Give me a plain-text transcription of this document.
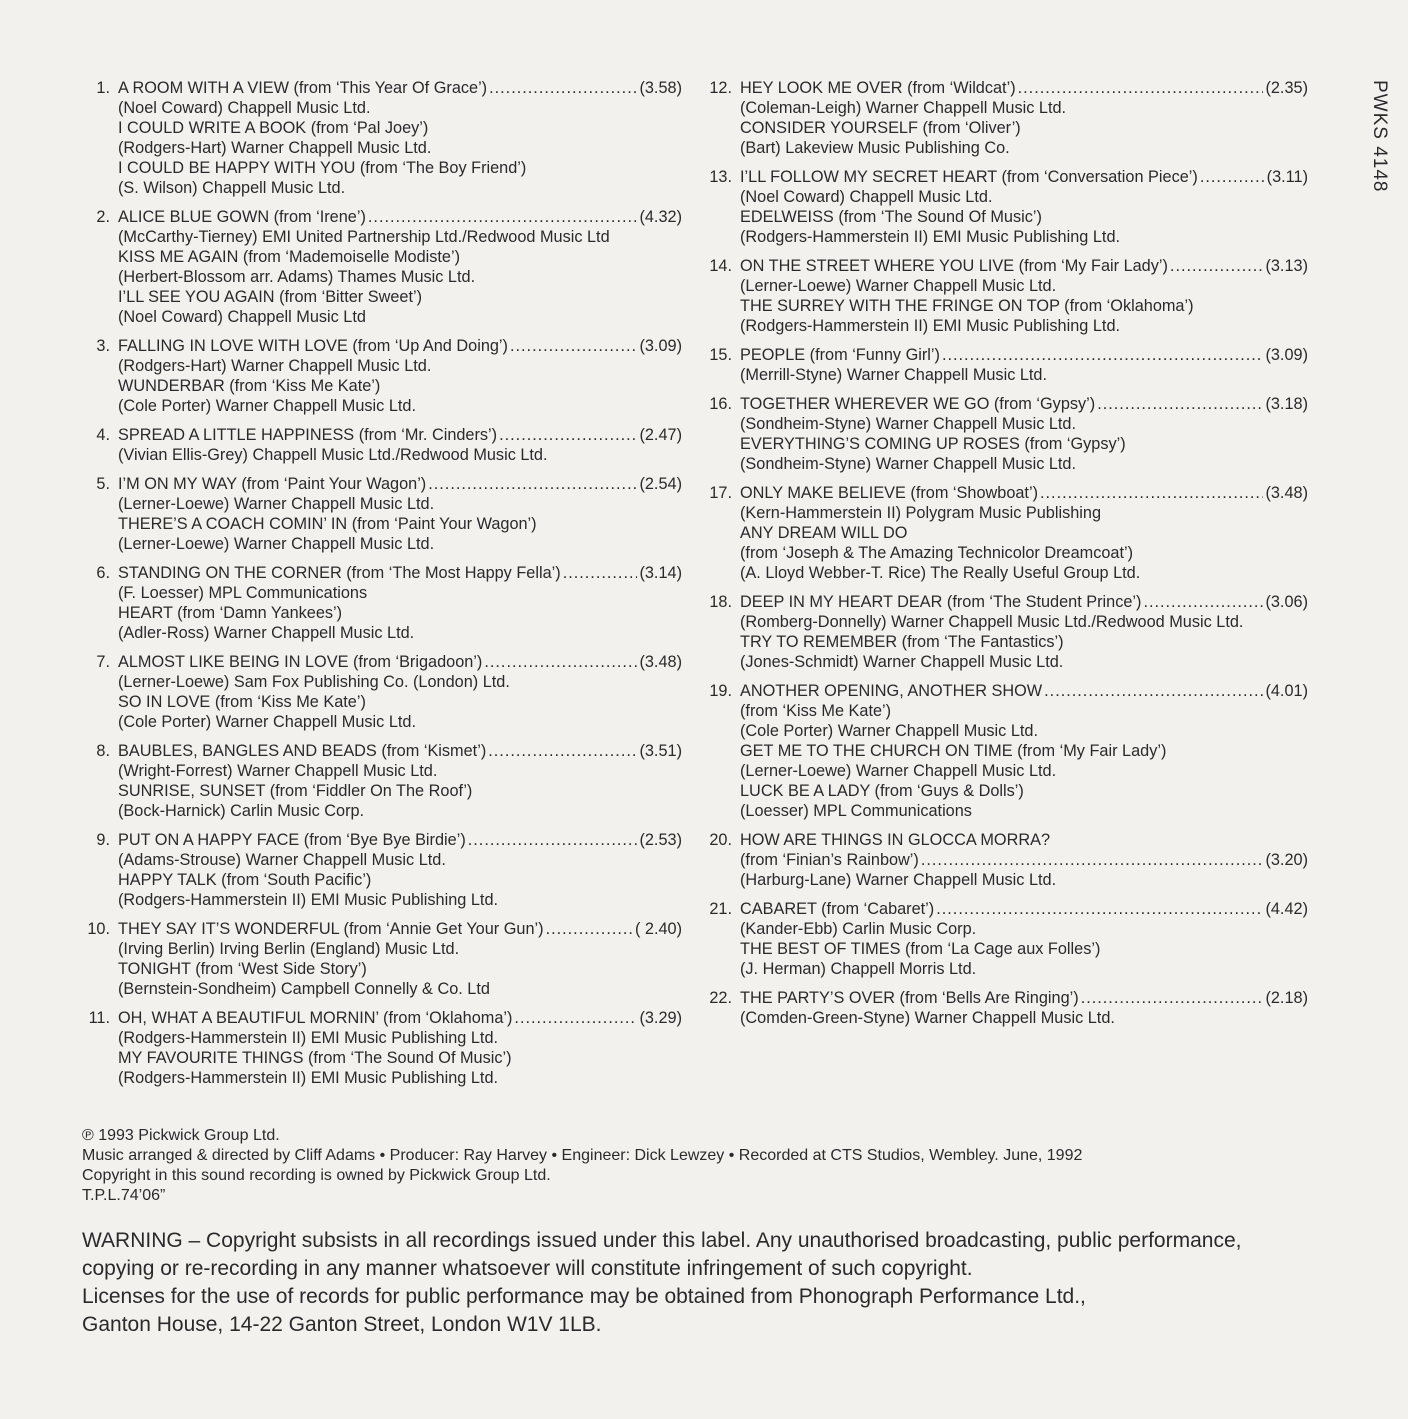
1. A ROOM WITH A VIEW (from ‘This Year Of Grace’) .....	(3.58)
(Noel Coward) Chappell Music Ltd.
I COULD WRITE A BOOK (from ‘Pal Joey’)
(Rodgers-Hart) Warner Chappell Music Ltd.
I COULD BE HAPPY WITH YOU (from ‘The Boy Friend’)
(S. Wilson) Chappell Music Ltd.
2. ALICE BLUE GOWN (from ‘Irene’) .....	(4.32)
(McCarthy-Tierney) EMI United Partnership Ltd./Redwood Music Ltd
KISS ME AGAIN (from ‘Mademoiselle Modiste’)
(Herbert-Blossom arr. Adams) Thames Music Ltd.
I’LL SEE YOU AGAIN (from ‘Bitter Sweet’)
(Noel Coward) Chappell Music Ltd
3. FALLING IN LOVE WITH LOVE (from ‘Up And Doing’) .....	(3.09)
(Rodgers-Hart) Warner Chappell Music Ltd.
WUNDERBAR (from ‘Kiss Me Kate’)
(Cole Porter) Warner Chappell Music Ltd.
4. SPREAD A LITTLE HAPPINESS (from ‘Mr. Cinders’) .....	(2.47)
(Vivian Ellis-Grey) Chappell Music Ltd./Redwood Music Ltd.
5. I’M ON MY WAY (from ‘Paint Your Wagon’) .....	(2.54)
(Lerner-Loewe) Warner Chappell Music Ltd.
THERE’S A COACH COMIN’ IN (from ‘Paint Your Wagon’)
(Lerner-Loewe) Warner Chappell Music Ltd.
6. STANDING ON THE CORNER (from ‘The Most Happy Fella’) .....	(3.14)
(F. Loesser) MPL Communications
HEART (from ‘Damn Yankees’)
(Adler-Ross) Warner Chappell Music Ltd.
7. ALMOST LIKE BEING IN LOVE (from ‘Brigadoon’) .....	(3.48)
(Lerner-Loewe) Sam Fox Publishing Co. (London) Ltd.
SO IN LOVE (from ‘Kiss Me Kate’)
(Cole Porter) Warner Chappell Music Ltd.
8. BAUBLES, BANGLES AND BEADS (from ‘Kismet’) .....	(3.51)
(Wright-Forrest) Warner Chappell Music Ltd.
SUNRISE, SUNSET (from ‘Fiddler On The Roof’)
(Bock-Harnick) Carlin Music Corp.
9. PUT ON A HAPPY FACE (from ‘Bye Bye Birdie’) .....	(2.53)
(Adams-Strouse) Warner Chappell Music Ltd.
HAPPY TALK (from ‘South Pacific’)
(Rodgers-Hammerstein II) EMI Music Publishing Ltd.
10. THEY SAY IT’S WONDERFUL (from ‘Annie Get Your Gun’) .....	( 2.40)
(Irving Berlin) Irving Berlin (England) Music Ltd.
TONIGHT (from ‘West Side Story’)
(Bernstein-Sondheim) Campbell Connelly & Co. Ltd
11. OH, WHAT A BEAUTIFUL MORNIN’ (from ‘Oklahoma’) .....	(3.29)
(Rodgers-Hammerstein II) EMI Music Publishing Ltd.
MY FAVOURITE THINGS (from ‘The Sound Of Music’)
(Rodgers-Hammerstein II) EMI Music Publishing Ltd.
12. HEY LOOK ME OVER (from ‘Wildcat’) .....	(2.35)
(Coleman-Leigh) Warner Chappell Music Ltd.
CONSIDER YOURSELF (from ‘Oliver’)
(Bart) Lakeview Music Publishing Co.
13. I’LL FOLLOW MY SECRET HEART (from ‘Conversation Piece’) .....	(3.11)
(Noel Coward) Chappell Music Ltd.
EDELWEISS (from ‘The Sound Of Music’)
(Rodgers-Hammerstein II) EMI Music Publishing Ltd.
14. ON THE STREET WHERE YOU LIVE (from ‘My Fair Lady’) .....	(3.13)
(Lerner-Loewe) Warner Chappell Music Ltd.
THE SURREY WITH THE FRINGE ON TOP (from ‘Oklahoma’)
(Rodgers-Hammerstein II) EMI Music Publishing Ltd.
15. PEOPLE (from ‘Funny Girl’) .....	(3.09)
(Merrill-Styne) Warner Chappell Music Ltd.
16. TOGETHER WHEREVER WE GO (from ‘Gypsy’) .....	(3.18)
(Sondheim-Styne) Warner Chappell Music Ltd.
EVERYTHING’S COMING UP ROSES (from ‘Gypsy’)
(Sondheim-Styne) Warner Chappell Music Ltd.
17. ONLY MAKE BELIEVE (from ‘Showboat’) .....	(3.48)
(Kern-Hammerstein II) Polygram Music Publishing
ANY DREAM WILL DO
(from ‘Joseph & The Amazing Technicolor Dreamcoat’)
(A. Lloyd Webber-T. Rice) The Really Useful Group Ltd.
18. DEEP IN MY HEART DEAR (from ‘The Student Prince’) .....	(3.06)
(Romberg-Donnelly) Warner Chappell Music Ltd./Redwood Music Ltd.
TRY TO REMEMBER (from ‘The Fantastics’)
(Jones-Schmidt) Warner Chappell Music Ltd.
19. ANOTHER OPENING, ANOTHER SHOW .....	(4.01)
(from ‘Kiss Me Kate’)
(Cole Porter) Warner Chappell Music Ltd.
GET ME TO THE CHURCH ON TIME (from ‘My Fair Lady’)
(Lerner-Loewe) Warner Chappell Music Ltd.
LUCK BE A LADY (from ‘Guys & Dolls’)
(Loesser) MPL Communications
20. HOW ARE THINGS IN GLOCCA MORRA?
(from ‘Finian’s Rainbow’) .....	(3.20)
(Harburg-Lane) Warner Chappell Music Ltd.
21. CABARET (from ‘Cabaret’) .....	(4.42)
(Kander-Ebb) Carlin Music Corp.
THE BEST OF TIMES (from ‘La Cage aux Folles’)
(J. Herman) Chappell Morris Ltd.
22. THE PARTY’S OVER (from ‘Bells Are Ringing’) .....	(2.18)
(Comden-Green-Styne) Warner Chappell Music Ltd.
PWKS 4148
℗ 1993 Pickwick Group Ltd.
Music arranged & directed by Cliff Adams • Producer: Ray Harvey • Engineer: Dick Lewzey • Recorded at CTS Studios, Wembley. June, 1992
Copyright in this sound recording is owned by Pickwick Group Ltd.
T.P.L.74’06”
WARNING – Copyright subsists in all recordings issued under this label. Any unauthorised broadcasting, public performance,
copying or re-recording in any manner whatsoever will constitute infringement of such copyright.
Licenses for the use of records for public performance may be obtained from Phonograph Performance Ltd.,
Ganton House, 14-22 Ganton Street, London W1V 1LB.
